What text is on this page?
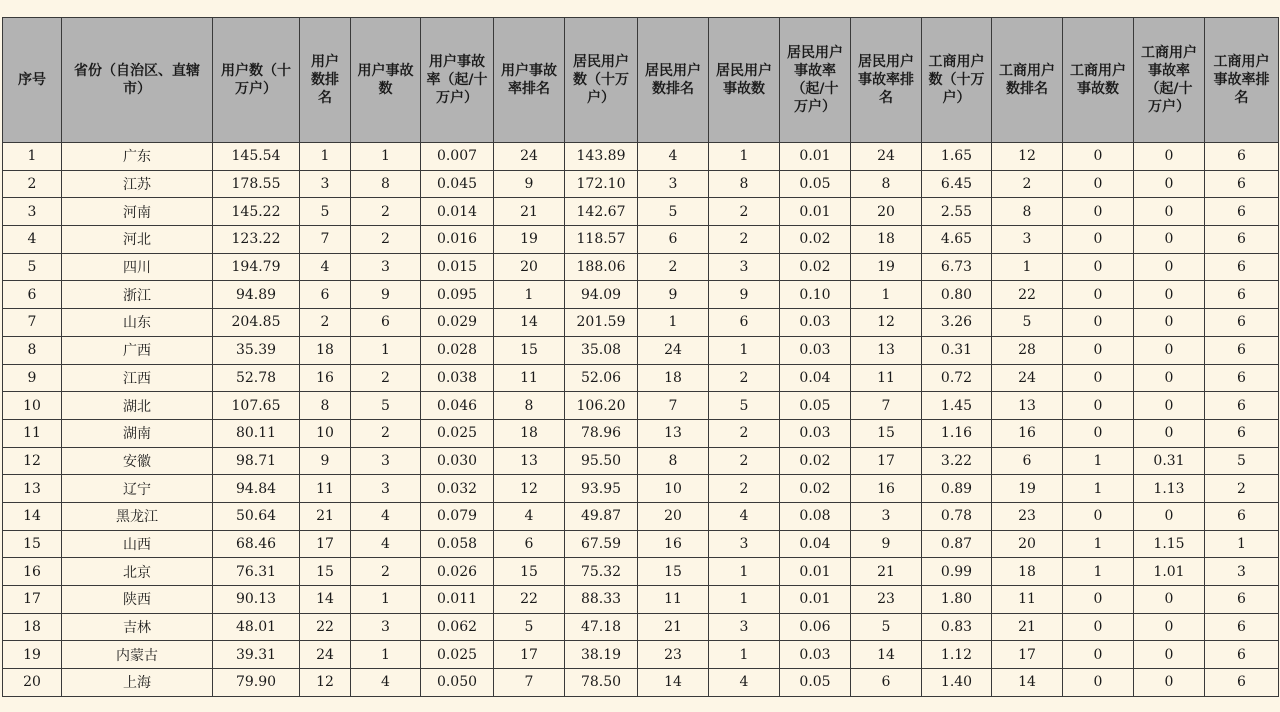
序号	省份（自治区、直辖市）	用户数（十万户）	用户数排名	用户事故数	用户事故率（起/十万户）	用户事故率排名	居民用户数（十万户）	居民用户数排名	居民用户事故数	居民用户事故率（起/十万户）	居民用户事故率排名	工商用户数（十万户）	工商用户数排名	工商用户事故数	工商用户事故率（起/十万户）	工商用户事故率排名
1	广东	145.54	1	1	0.007	24	143.89	4	1	0.01	24	1.65	12	0	0	6
2	江苏	178.55	3	8	0.045	9	172.10	3	8	0.05	8	6.45	2	0	0	6
3	河南	145.22	5	2	0.014	21	142.67	5	2	0.01	20	2.55	8	0	0	6
4	河北	123.22	7	2	0.016	19	118.57	6	2	0.02	18	4.65	3	0	0	6
5	四川	194.79	4	3	0.015	20	188.06	2	3	0.02	19	6.73	1	0	0	6
6	浙江	94.89	6	9	0.095	1	94.09	9	9	0.10	1	0.80	22	0	0	6
7	山东	204.85	2	6	0.029	14	201.59	1	6	0.03	12	3.26	5	0	0	6
8	广西	35.39	18	1	0.028	15	35.08	24	1	0.03	13	0.31	28	0	0	6
9	江西	52.78	16	2	0.038	11	52.06	18	2	0.04	11	0.72	24	0	0	6
10	湖北	107.65	8	5	0.046	8	106.20	7	5	0.05	7	1.45	13	0	0	6
11	湖南	80.11	10	2	0.025	18	78.96	13	2	0.03	15	1.16	16	0	0	6
12	安徽	98.71	9	3	0.030	13	95.50	8	2	0.02	17	3.22	6	1	0.31	5
13	辽宁	94.84	11	3	0.032	12	93.95	10	2	0.02	16	0.89	19	1	1.13	2
14	黑龙江	50.64	21	4	0.079	4	49.87	20	4	0.08	3	0.78	23	0	0	6
15	山西	68.46	17	4	0.058	6	67.59	16	3	0.04	9	0.87	20	1	1.15	1
16	北京	76.31	15	2	0.026	15	75.32	15	1	0.01	21	0.99	18	1	1.01	3
17	陕西	90.13	14	1	0.011	22	88.33	11	1	0.01	23	1.80	11	0	0	6
18	吉林	48.01	22	3	0.062	5	47.18	21	3	0.06	5	0.83	21	0	0	6
19	内蒙古	39.31	24	1	0.025	17	38.19	23	1	0.03	14	1.12	17	0	0	6
20	上海	79.90	12	4	0.050	7	78.50	14	4	0.05	6	1.40	14	0	0	6
